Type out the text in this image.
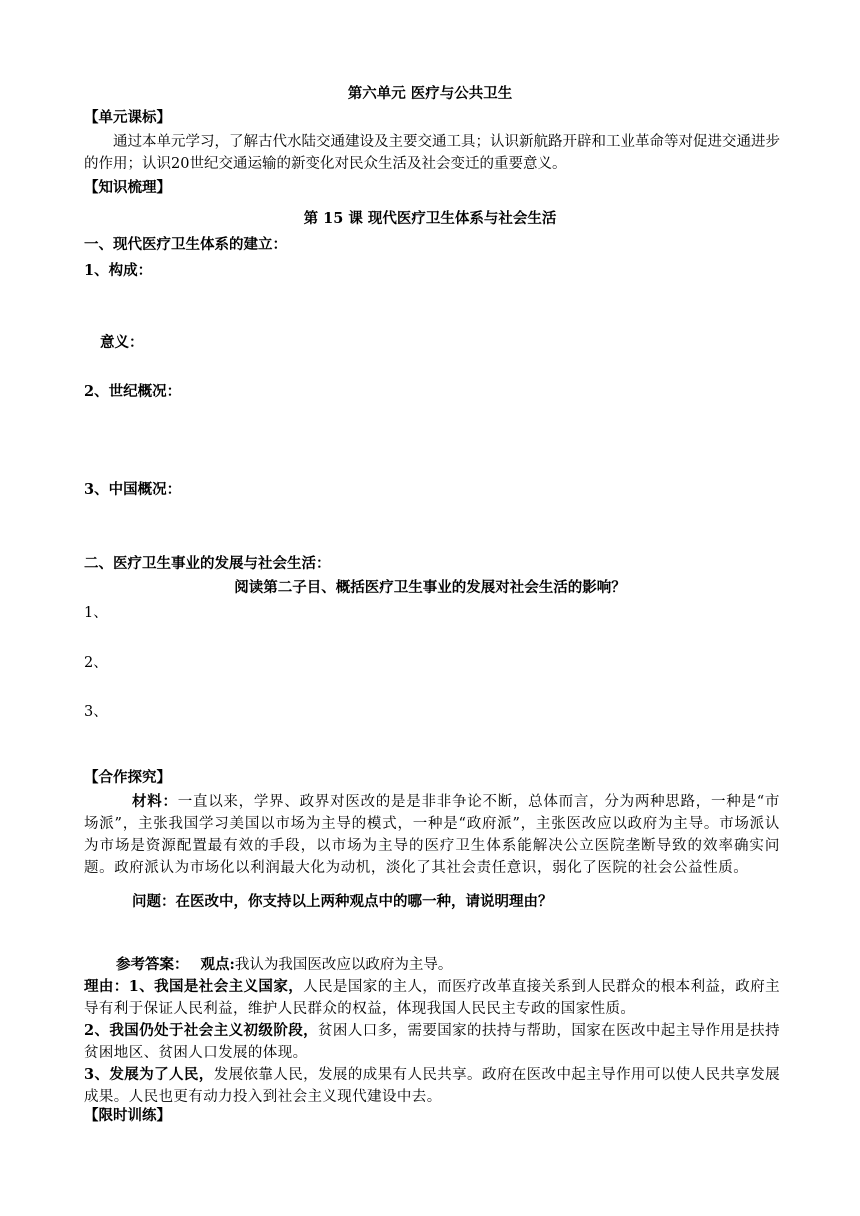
第六单元 医疗与公共卫生
【单元课标】
通过本单元学习，了解古代水陆交通建设及主要交通工具；认识新航路开辟和工业革命等对促进交通进步的作用；认识20世纪交通运输的新变化对民众生活及社会变迁的重要意义。
【知识梳理】
第 15 课 现代医疗卫生体系与社会生活
一、现代医疗卫生体系的建立：
1、构成：
意义：
2、世纪概况：
3、中国概况：
二、医疗卫生事业的发展与社会生活：
阅读第二子目、概括医疗卫生事业的发展对社会生活的影响？
1、
2、
3、
【合作探究】
材料：一直以来，学界、政界对医改的是是非非争论不断，总体而言，分为两种思路，一种是“市场派”，主张我国学习美国以市场为主导的模式，一种是“政府派”，主张医改应以政府为主导。市场派认为市场是资源配置最有效的手段，以市场为主导的医疗卫生体系能解决公立医院垄断导致的效率确实问题。政府派认为市场化以利润最大化为动机，淡化了其社会责任意识，弱化了医院的社会公益性质。
问题：在医改中，你支持以上两种观点中的哪一种，请说明理由？
参考答案： 观点:我认为我国医改应以政府为主导。
理由：1、我国是社会主义国家，人民是国家的主人，而医疗改革直接关系到人民群众的根本利益，政府主导有利于保证人民利益，维护人民群众的权益，体现我国人民民主专政的国家性质。
2、我国仍处于社会主义初级阶段，贫困人口多，需要国家的扶持与帮助，国家在医改中起主导作用是扶持贫困地区、贫困人口发展的体现。
3、发展为了人民，发展依靠人民，发展的成果有人民共享。政府在医改中起主导作用可以使人民共享发展成果。人民也更有动力投入到社会主义现代建设中去。
【限时训练】
